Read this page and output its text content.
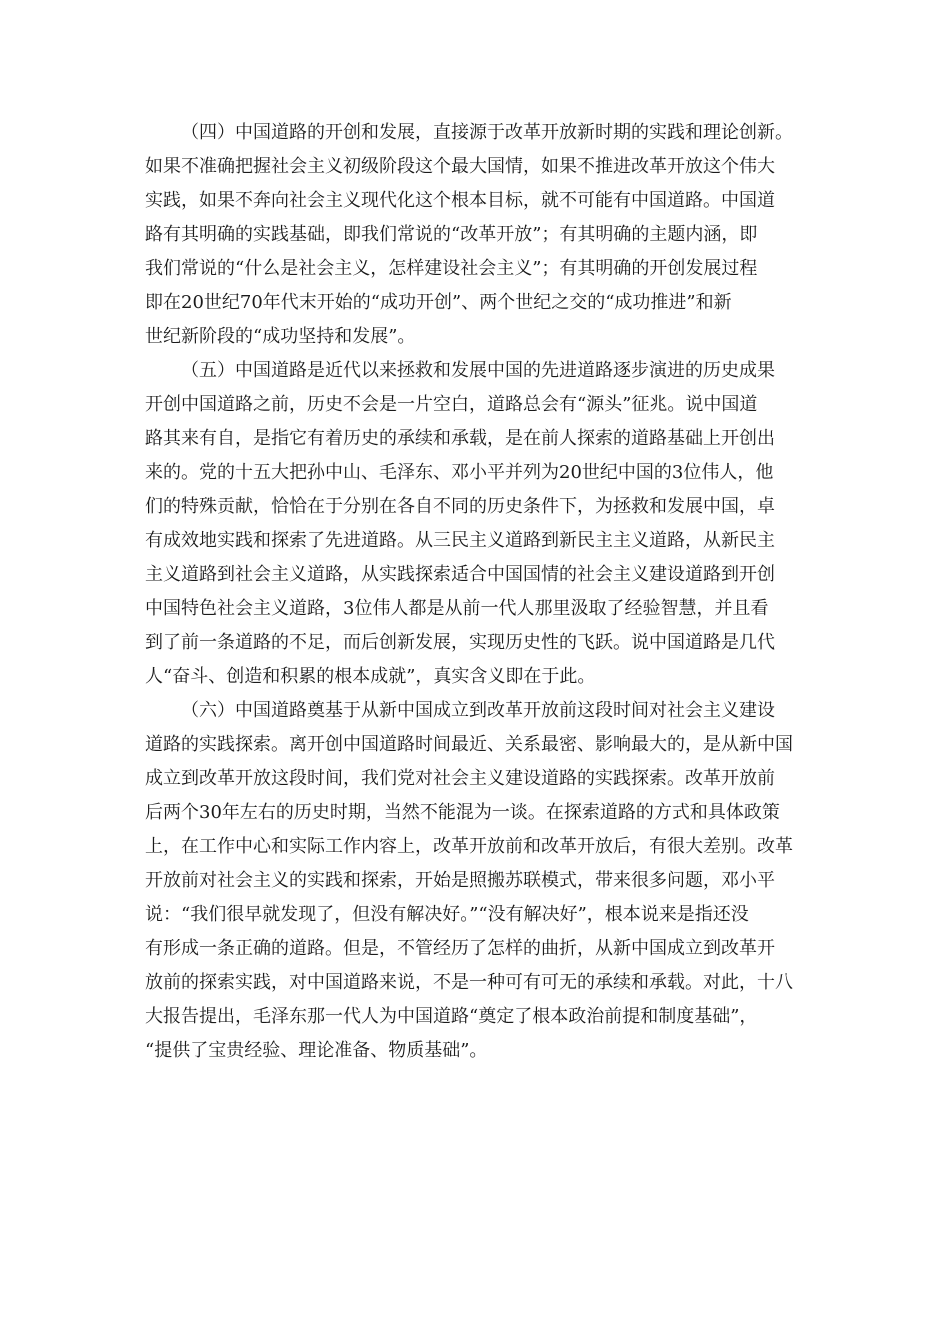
（四）中国道路的开创和发展，直接源于改革开放新时期的实践和理论创新。
如果不准确把握社会主义初级阶段这个最大国情，如果不推进改革开放这个伟大
实践，如果不奔向社会主义现代化这个根本目标，就不可能有中国道路。中国道
路有其明确的实践基础，即我们常说的“改革开放”；有其明确的主题内涵，即
我们常说的“什么是社会主义，怎样建设社会主义”；有其明确的开创发展过程
即在20世纪70年代末开始的“成功开创”、两个世纪之交的“成功推进”和新
世纪新阶段的“成功坚持和发展”。

（五）中国道路是近代以来拯救和发展中国的先进道路逐步演进的历史成果
开创中国道路之前，历史不会是一片空白，道路总会有“源头”征兆。说中国道
路其来有自，是指它有着历史的承续和承载，是在前人探索的道路基础上开创出
来的。党的十五大把孙中山、毛泽东、邓小平并列为20世纪中国的3位伟人，他
们的特殊贡献，恰恰在于分别在各自不同的历史条件下，为拯救和发展中国，卓
有成效地实践和探索了先进道路。从三民主义道路到新民主主义道路，从新民主
主义道路到社会主义道路，从实践探索适合中国国情的社会主义建设道路到开创
中国特色社会主义道路，3位伟人都是从前一代人那里汲取了经验智慧，并且看
到了前一条道路的不足，而后创新发展，实现历史性的飞跃。说中国道路是几代
人“奋斗、创造和积累的根本成就”，真实含义即在于此。

（六）中国道路奠基于从新中国成立到改革开放前这段时间对社会主义建设
道路的实践探索。离开创中国道路时间最近、关系最密、影响最大的，是从新中国
成立到改革开放这段时间，我们党对社会主义建设道路的实践探索。改革开放前
后两个30年左右的历史时期，当然不能混为一谈。在探索道路的方式和具体政策
上，在工作中心和实际工作内容上，改革开放前和改革开放后，有很大差别。改革
开放前对社会主义的实践和探索，开始是照搬苏联模式，带来很多问题，邓小平
说：“我们很早就发现了，但没有解决好。”“没有解决好”，根本说来是指还没
有形成一条正确的道路。但是，不管经历了怎样的曲折，从新中国成立到改革开
放前的探索实践，对中国道路来说，不是一种可有可无的承续和承载。对此，十八
大报告提出，毛泽东那一代人为中国道路“奠定了根本政治前提和制度基础”，
“提供了宝贵经验、理论准备、物质基础”。
